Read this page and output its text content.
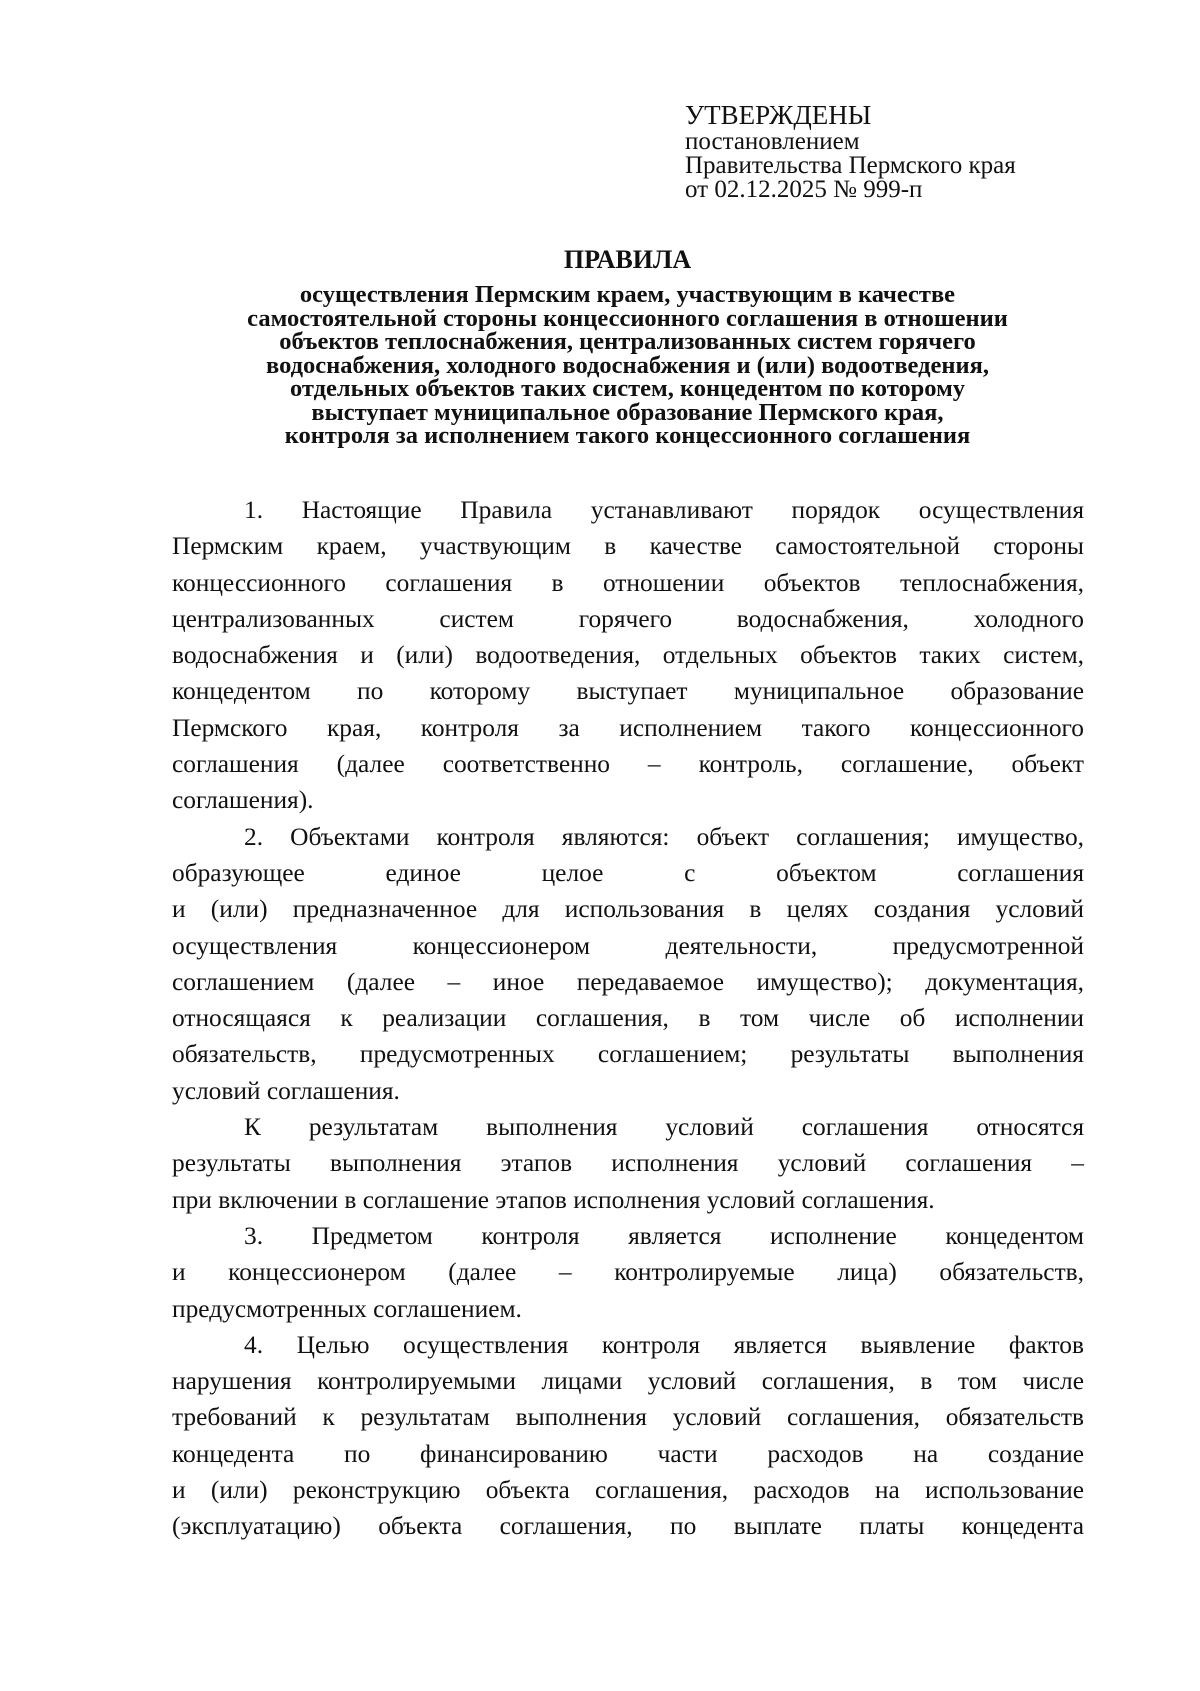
УТВЕРЖДЕНЫ
постановлением
Правительства Пермского края
от 02.12.2025 № 999-п
ПРАВИЛА
осуществления Пермским краем, участвующим в качестве
самостоятельной стороны концессионного соглашения в отношении
объектов теплоснабжения, централизованных систем горячего
водоснабжения, холодного водоснабжения и (или) водоотведения,
отдельных объектов таких систем, концедентом по которому
выступает муниципальное образование Пермского края,
контроля за исполнением такого концессионного соглашения
1. Настоящие Правила устанавливают порядок осуществления
Пермским краем, участвующим в качестве самостоятельной стороны
концессионного соглашения в отношении объектов теплоснабжения,
централизованных систем горячего водоснабжения, холодного
водоснабжения и (или) водоотведения, отдельных объектов таких систем,
концедентом по которому выступает муниципальное образование
Пермского края, контроля за исполнением такого концессионного
соглашения (далее соответственно – контроль, соглашение, объект
соглашения).
2. Объектами контроля являются: объект соглашения; имущество,
образующее единое целое с объектом соглашения
и (или) предназначенное для использования в целях создания условий
осуществления концессионером деятельности, предусмотренной
соглашением (далее – иное передаваемое имущество); документация,
относящаяся к реализации соглашения, в том числе об исполнении
обязательств, предусмотренных соглашением; результаты выполнения
условий соглашения.
К результатам выполнения условий соглашения относятся
результаты выполнения этапов исполнения условий соглашения –
при включении в соглашение этапов исполнения условий соглашения.
3. Предметом контроля является исполнение концедентом
и концессионером (далее – контролируемые лица) обязательств,
предусмотренных соглашением.
4. Целью осуществления контроля является выявление фактов
нарушения контролируемыми лицами условий соглашения, в том числе
требований к результатам выполнения условий соглашения, обязательств
концедента по финансированию части расходов на создание
и (или) реконструкцию объекта соглашения, расходов на использование
(эксплуатацию) объекта соглашения, по выплате платы концедента
